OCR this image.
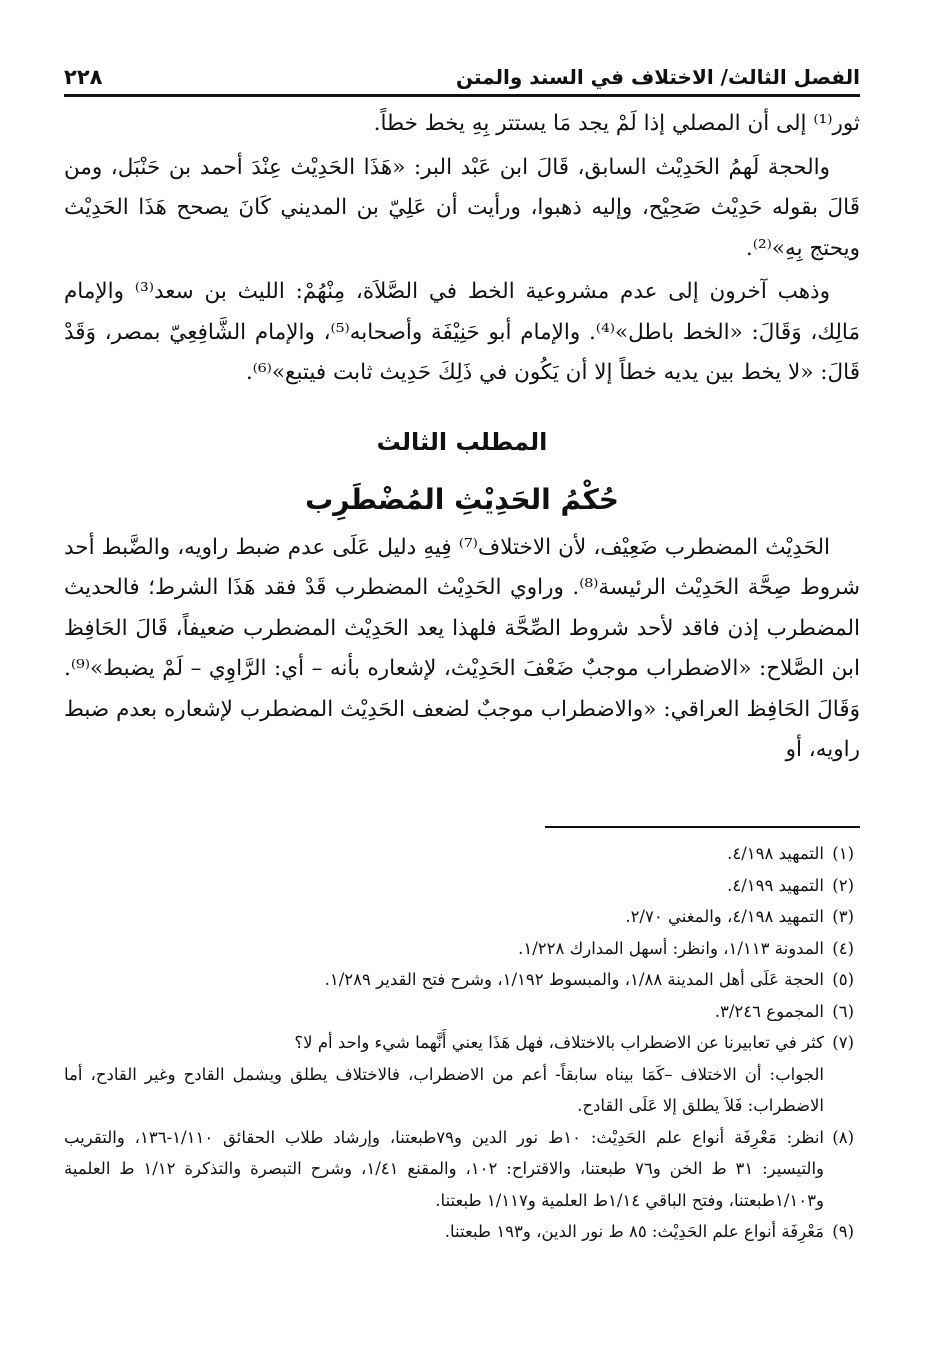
الفصل الثالث/ الاختلاف في السند والمتن
٢٢٨

ثور⁽¹⁾ إلى أن المصلي إذا لَمْ يجد مَا يستتر بِهِ يخط خطاً.

والحجة لَهمُ الحَدِيْث السابق، قَالَ ابن عَبْد البر: «هَذَا الحَدِيْث عِنْدَ أحمد بن حَنْبَل، ومن قَالَ بقوله حَدِيْث صَحِيْح، وإليه ذهبوا، ورأيت أن عَلِيّ بن المديني كَانَ يصحح هَذَا الحَدِيْث ويحتج بِهِ»⁽²⁾.

وذهب آخرون إلى عدم مشروعية الخط في الصَّلاَة، مِنْهُمْ: الليث بن سعد⁽³⁾ والإمام مَالِك، وَقَالَ: «الخط باطل»⁽⁴⁾. والإمام أبو حَنِيْفَة وأصحابه⁽⁵⁾، والإمام الشَّافِعِيّ بمصر، وَقَدْ قَالَ: «لا يخط بين يديه خطاً إلا أن يَكُون في ذَلِكَ حَدِيث ثابت فيتبع»⁽⁶⁾.

المطلب الثالث
حُكْمُ الحَدِيْثِ المُضْطَرِب

الحَدِيْث المضطرب ضَعِيْف، لأن الاختلاف⁽⁷⁾ فِيهِ دليل عَلَى عدم ضبط راويه، والضَّبط أحد شروط صِحَّة الحَدِيْث الرئيسة⁽⁸⁾. وراوي الحَدِيْث المضطرب قَدْ فقد هَذَا الشرط؛ فالحديث المضطرب إذن فاقد لأحد شروط الصِّحَّة فلهذا يعد الحَدِيْث المضطرب ضعيفاً، قَالَ الحَافِظ ابن الصَّلاح: «الاضطراب موجبٌ ضَعْفَ الحَدِيْث، لإشعاره بأنه – أي: الرَّاوِي – لَمْ يضبط»⁽⁹⁾. وَقَالَ الحَافِظ العراقي: «والاضطراب موجبٌ لضعف الحَدِيْث المضطرب لإشعاره بعدم ضبط راويه، أو

(١)
التمهيد ٤/١٩٨.
(٢)
التمهيد ٤/١٩٩.
(٣)
التمهيد ٤/١٩٨، والمغني ٢/٧٠.
(٤)
المدونة ١/١١٣، وانظر: أسهل المدارك ١/٢٢٨.
(٥)
الحجة عَلَى أهل المدينة ١/٨٨، والمبسوط ١/١٩٢، وشرح فتح القدير ١/٢٨٩.
(٦)
المجموع ٣/٢٤٦.
(٧)
كثر في تعابيرنا عن الاضطراب بالاختلاف، فهل هَذَا يعني أَنَّهما شيء واحد أم لا؟
الجواب: أن الاختلاف –كَمَا بيناه سابقاً- أعم من الاضطراب، فالاختلاف يطلق ويشمل القادح وغير القادح، أما الاضطراب: فَلاَ يطلق إلا عَلَى القادح.
(٨)
انظر: مَعْرِفَة أنواع علم الحَدِيْث: ١٠ط نور الدين و٧٩طبعتنا، وإرشاد طلاب الحقائق ١/١١٠-١٣٦، والتقريب والتيسير: ٣١ ط الخن و٧٦ طبعتنا، والاقتراح: ١٠٢، والمقنع ١/٤١، وشرح التبصرة والتذكرة ١/١٢ ط العلمية و١/١٠٣طبعتنا، وفتح الباقي ١/١٤ط العلمية و١/١١٧ طبعتنا.
(٩)
مَعْرِفَة أنواع علم الحَدِيْث: ٨٥ ط نور الدين، و١٩٣ طبعتنا.
